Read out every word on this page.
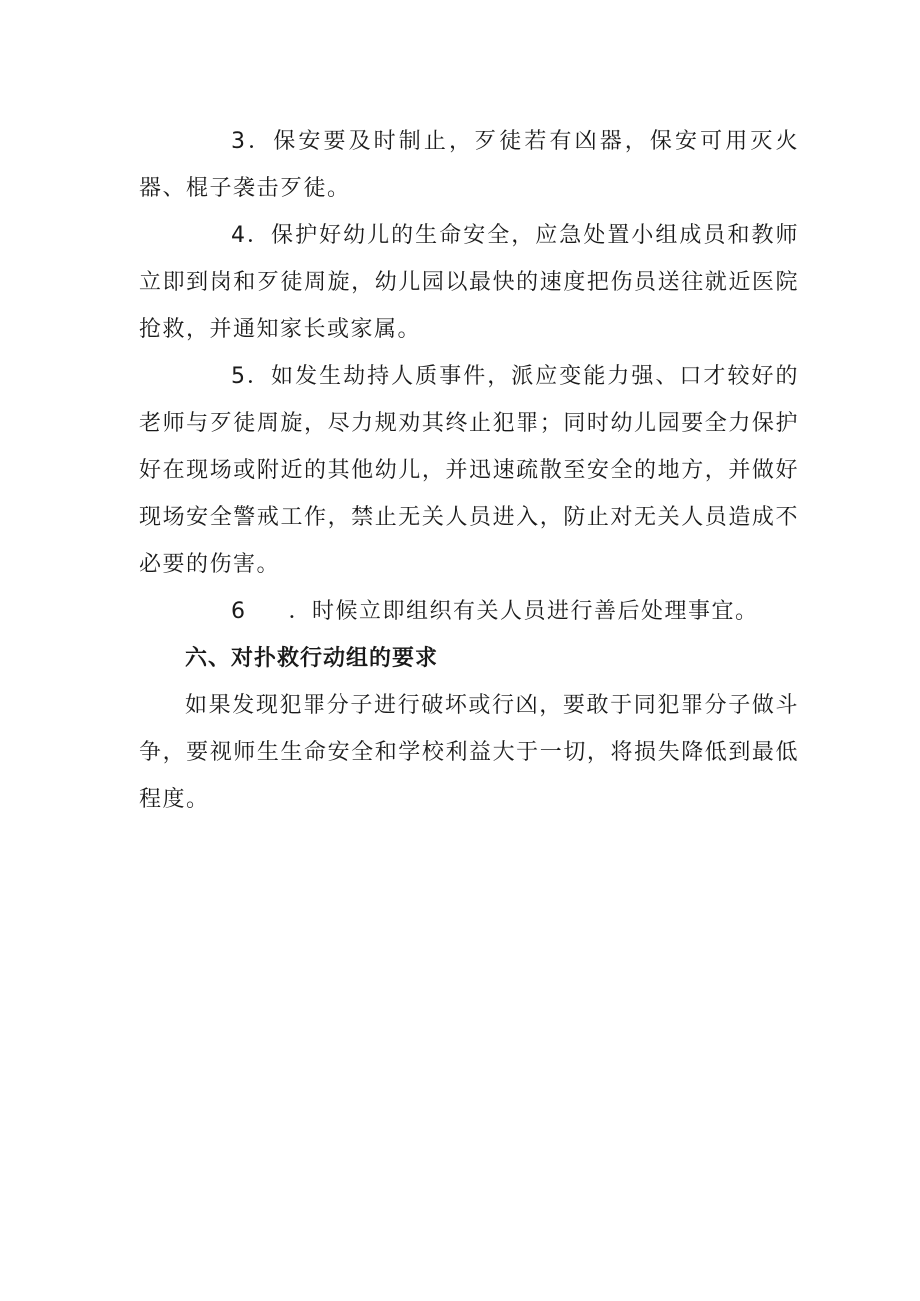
3．保安要及时制止，歹徒若有凶器，保安可用灭火器、棍子袭击歹徒。

4．保护好幼儿的生命安全，应急处置小组成员和教师立即到岗和歹徒周旋，幼儿园以最快的速度把伤员送往就近医院抢救，并通知家长或家属。

5．如发生劫持人质事件，派应变能力强、口才较好的老师与歹徒周旋，尽力规劝其终止犯罪；同时幼儿园要全力保护好在现场或附近的其他幼儿，并迅速疏散至安全的地方，并做好现场安全警戒工作，禁止无关人员进入，防止对无关人员造成不必要的伤害。

6 ．时候立即组织有关人员进行善后处理事宜。

六、对扑救行动组的要求

如果发现犯罪分子进行破坏或行凶，要敢于同犯罪分子做斗争，要视师生生命安全和学校利益大于一切，将损失降低到最低程度。
